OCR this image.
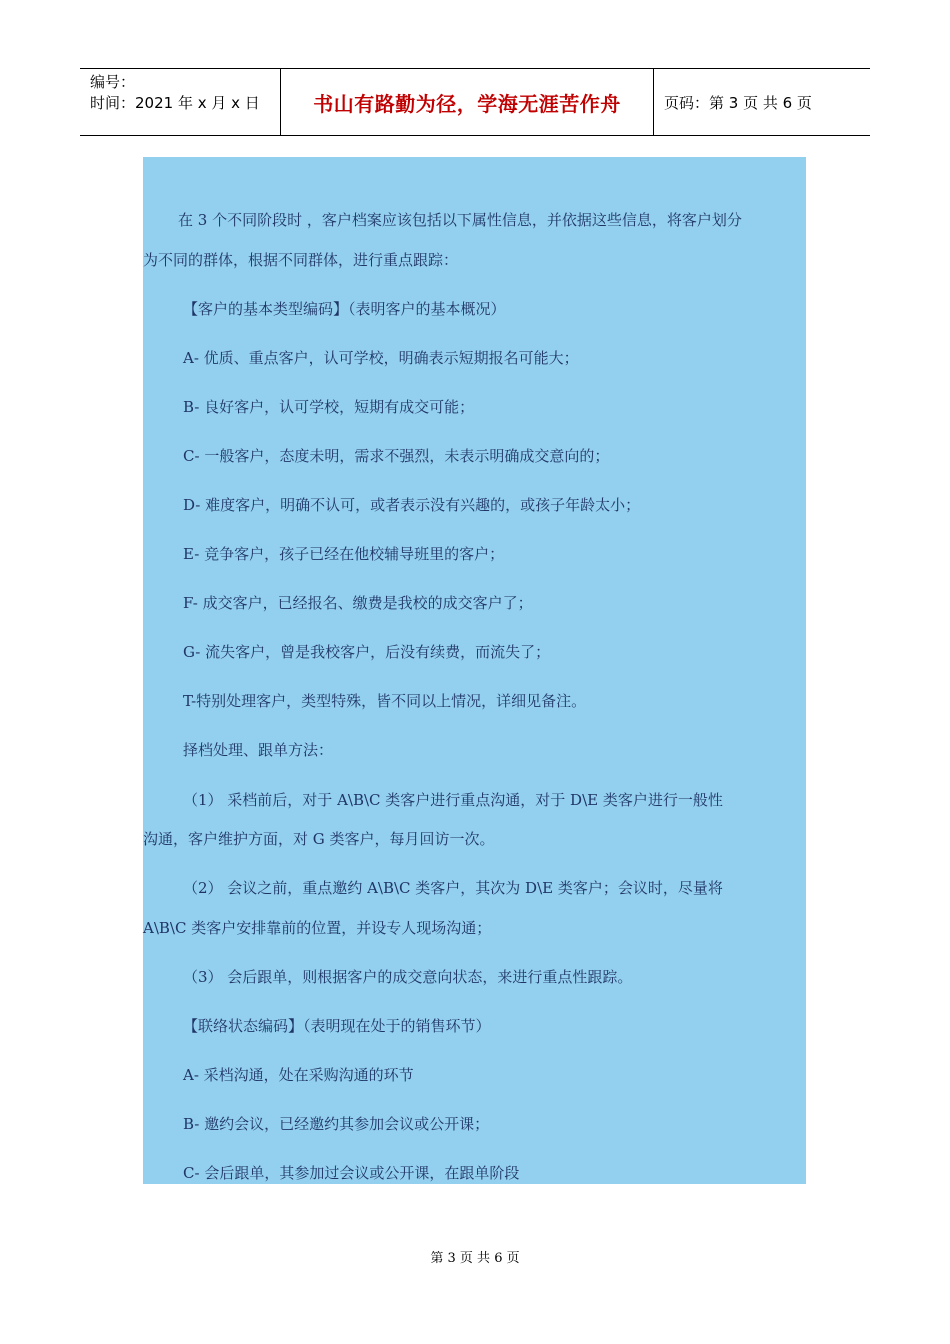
编号：
时间：2021 年 x 月 x 日	书山有路勤为径，学海无涯苦作舟	页码：第 3 页 共 6 页
在 3 个不同阶段时 ，客户档案应该包括以下属性信息，并依据这些信息，将客户划分
为不同的群体，根据不同群体，进行重点跟踪：
【客户的基本类型编码】（表明客户的基本概况）
A- 优质、重点客户，认可学校，明确表示短期报名可能大；
B- 良好客户，认可学校，短期有成交可能；
C- 一般客户，态度未明，需求不强烈，未表示明确成交意向的；
D- 难度客户，明确不认可，或者表示没有兴趣的，或孩子年龄太小；
E- 竞争客户，孩子已经在他校辅导班里的客户；
F- 成交客户，已经报名、缴费是我校的成交客户了；
G- 流失客户，曾是我校客户，后没有续费，而流失了；
T-特别处理客户，类型特殊，皆不同以上情况，详细见备注。
择档处理、跟单方法：
（1） 采档前后，对于 A\B\C 类客户进行重点沟通，对于 D\E 类客户进行一般性
沟通，客户维护方面，对 G 类客户，每月回访一次。
（2） 会议之前，重点邀约 A\B\C 类客户，其次为 D\E 类客户；会议时，尽量将
A\B\C 类客户安排靠前的位置，并设专人现场沟通；
（3） 会后跟单，则根据客户的成交意向状态，来进行重点性跟踪。
【联络状态编码】（表明现在处于的销售环节）
A- 采档沟通，处在采购沟通的环节
B- 邀约会议，已经邀约其参加会议或公开课；
C- 会后跟单，其参加过会议或公开课，在跟单阶段
第 3 页 共 6 页
